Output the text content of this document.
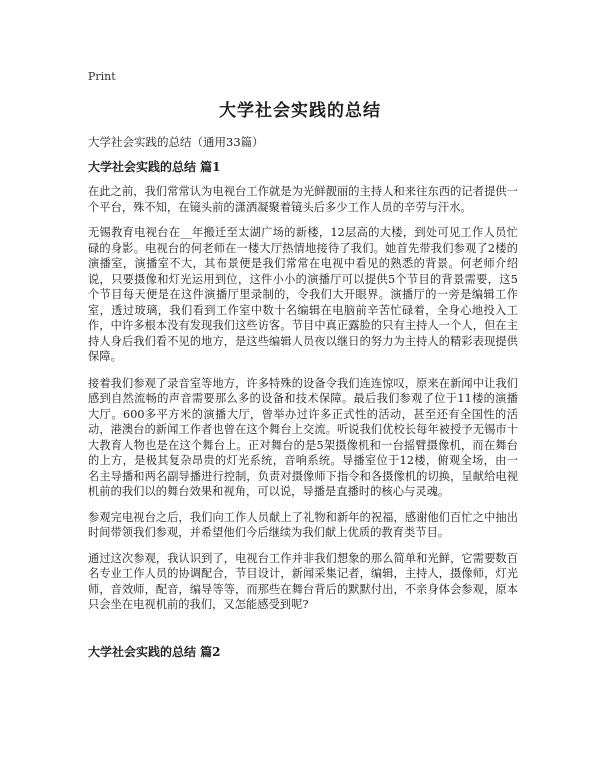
Print
大学社会实践的总结
大学社会实践的总结（通用33篇）
大学社会实践的总结 篇1

在此之前，我们常常认为电视台工作就是为光鲜靓丽的主持人和来往东西的记者提供一个平台，殊不知，在镜头前的潇洒凝聚着镜头后多少工作人员的辛劳与汗水。

无锡教育电视台在__年搬迁至太湖广场的新楼，12层高的大楼，到处可见工作人员忙碌的身影。电视台的何老师在一楼大厅热情地接待了我们。她首先带我们参观了2楼的演播室，演播室不大，其布景便是我们常常在电视中看见的熟悉的背景。何老师介绍说，只要摄像和灯光运用到位，这件小小的演播厅可以提供5个节目的背景需要，这5个节目每天便是在这件演播厅里录制的，令我们大开眼界。演播厅的一旁是编辑工作室，透过玻璃，我们看到工作室中数十名编辑在电脑前辛苦忙碌着，全身心地投入工作，中许多根本没有发现我们这些访客。节目中真正露脸的只有主持人一个人，但在主持人身后我们看不见的地方，是这些编辑人员夜以继日的努力为主持人的精彩表现提供保障。

接着我们参观了录音室等地方，许多特殊的设备令我们连连惊叹，原来在新闻中让我们感到自然流畅的声音需要那么多的设备和技术保障。最后我们参观了位于11楼的演播大厅。600多平方米的演播大厅，曾举办过许多正式性的活动，甚至还有全国性的活动，港澳台的新闻工作者也曾在这个舞台上交流。听说我们优校长每年被授予无锡市十大教育人物也是在这个舞台上。正对舞台的是5架摄像机和一台摇臂摄像机，而在舞台的上方，是极其复杂昂贵的灯光系统，音响系统。导播室位于12楼，俯观全场，由一名主导播和两名副导播进行控制，负责对摄像师下指令和各摄像机的切换，呈献给电视机前的我们以的舞台效果和视角，可以说，导播是直播时的核心与灵魂。

参观完电视台之后，我们向工作人员献上了礼物和新年的祝福，感谢他们百忙之中抽出时间带领我们参观，并希望他们今后继续为我们献上优质的教育类节目。

通过这次参观，我认识到了，电视台工作并非我们想象的那么简单和光鲜，它需要数百名专业工作人员的协调配合，节目设计，新闻采集记者，编辑，主持人，摄像师，灯光师，音效师，配音，编导等等，而那些在舞台背后的默默付出，不亲身体会参观，原本只会坐在电视机前的我们，又怎能感受到呢?

大学社会实践的总结 篇2
